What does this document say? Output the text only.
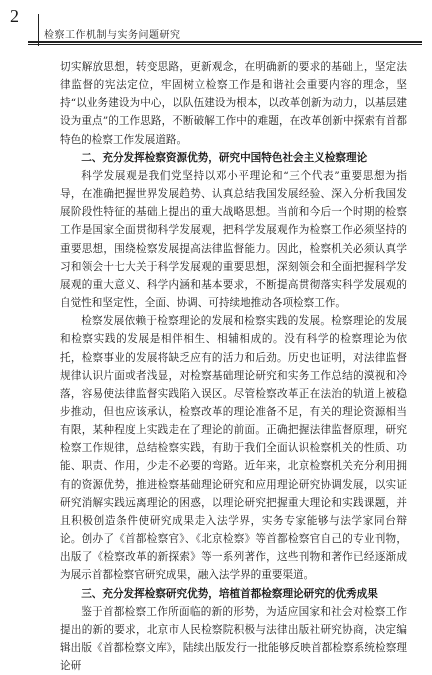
2
检察工作机制与实务问题研究

切实解放思想，转变思路，更新观念，在明确新的要求的基础上，坚定法律监督的宪法定位，牢固树立检察工作是和谐社会重要内容的理念，坚持“以业务建设为中心，以队伍建设为根本，以改革创新为动力，以基层建设为重点”的工作思路，不断破解工作中的难题，在改革创新中探索有首都特色的检察工作发展道路。

二、充分发挥检察资源优势，研究中国特色社会主义检察理论

科学发展观是我们党坚持以邓小平理论和“三个代表”重要思想为指导，在准确把握世界发展趋势、认真总结我国发展经验、深入分析我国发展阶段性特征的基础上提出的重大战略思想。当前和今后一个时期的检察工作是国家全面贯彻科学发展观，把科学发展观作为检察工作必须坚持的重要思想，围绕检察发展提高法律监督能力。因此，检察机关必须认真学习和领会十七大关于科学发展观的重要思想，深刻领会和全面把握科学发展观的重大意义、科学内涵和基本要求，不断提高贯彻落实科学发展观的自觉性和坚定性，全面、协调、可持续地推动各项检察工作。

检察发展依赖于检察理论的发展和检察实践的发展。检察理论的发展和检察实践的发展是相伴相生、相辅相成的。没有科学的检察理论为依托，检察事业的发展将缺乏应有的活力和后劲。历史也证明，对法律监督规律认识片面或者浅显，对检察基础理论研究和实务工作总结的漠视和冷落，容易使法律监督实践陷入误区。尽管检察改革正在法治的轨道上被稳步推动，但也应该承认，检察改革的理论准备不足，有关的理论资源相当有限，某种程度上实践走在了理论的前面。正确把握法律监督原理，研究检察工作规律，总结检察实践，有助于我们全面认识检察机关的性质、功能、职责、作用，少走不必要的弯路。近年来，北京检察机关充分利用拥有的资源优势，推进检察基础理论研究和应用理论研究协调发展，以实证研究消解实践远离理论的困惑，以理论研究把握重大理论和实践课题，并且积极创造条件使研究成果走入法学界，实务专家能够与法学家同台辩论。创办了《首都检察官》、《北京检察》等首都检察官自己的专业刊物，出版了《检察改革的新探索》等一系列著作，这些刊物和著作已经逐渐成为展示首都检察官研究成果，融入法学界的重要渠道。

三、充分发挥检察研究优势，培植首都检察理论研究的优秀成果

鉴于首都检察工作所面临的新的形势，为适应国家和社会对检察工作提出的新的要求，北京市人民检察院积极与法律出版社研究协商，决定编辑出版《首都检察文库》，陆续出版发行一批能够反映首都检察系统检察理论研
